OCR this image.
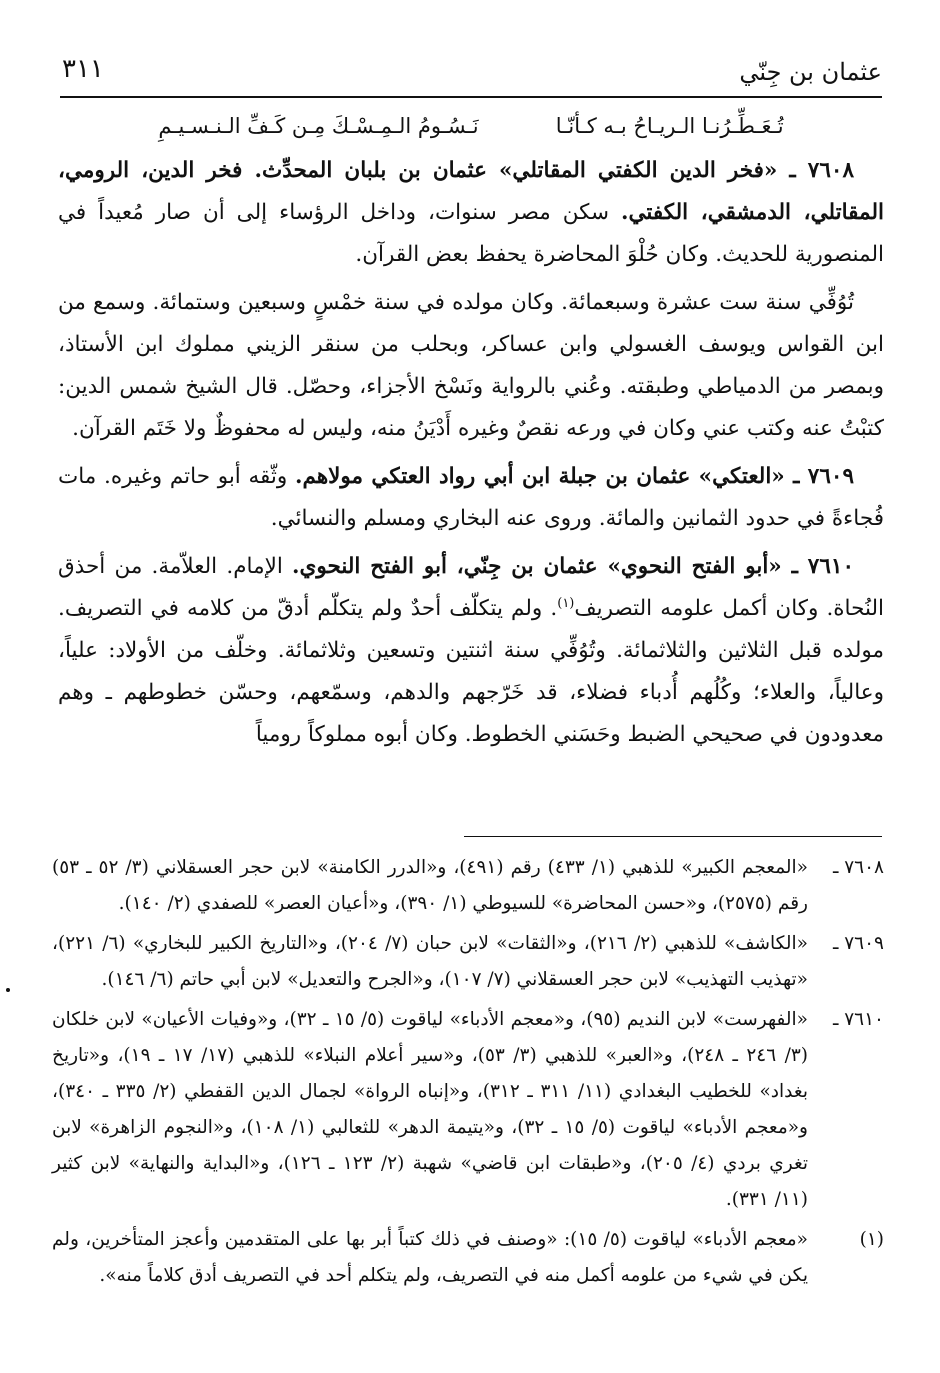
٣١١	عثمان بن جِنّي

تُـعَـطِّـرُنـا الـريـاحُ بـه كـأنّـا نَـسُـومُ الـمِـسْـكَ مِـن كَـفِّ الـنـسـيـمِ

٧٦٠٨ ـ «فخر الدين الكفتي المقاتلي» عثمان بن بلبان المحدِّث. فخر الدين، الرومي، المقاتلي، الدمشقي، الكفتي. سكن مصر سنوات، وداخل الرؤساء إلى أن صار مُعيداً في المنصورية للحديث. وكان حُلْوَ المحاضرة يحفظ بعض القرآن.

تُوُفِّي سنة ست عشرة وسبعمائة. وكان مولده في سنة خمْسٍ وسبعين وستمائة. وسمع من ابن القواس ويوسف الغسولي وابن عساكر، وبحلب من سنقر الزيني مملوك ابن الأستاذ، وبمصر من الدمياطي وطبقته. وعُني بالرواية ونَسْخ الأجزاء، وحصّل. قال الشيخ شمس الدين: كتبْتُ عنه وكتب عني وكان في ورعه نقصٌ وغيره أَدْيَنُ منه، وليس له محفوظٌ ولا خَتَم القرآن.

٧٦٠٩ ـ «العتكي» عثمان بن جبلة ابن أبي رواد العتكي مولاهم. وثّقه أبو حاتم وغيره. مات فُجاءةً في حدود الثمانين والمائة. وروى عنه البخاري ومسلم والنسائي.

٧٦١٠ ـ «أبو الفتح النحوي» عثمان بن جِنّي، أبو الفتح النحوي. الإمام. العلاّمة. من أحذق النُحاة. وكان أكمل علومه التصريف$^{(١)}$. ولم يتكلّف أحدٌ ولم يتكلّم أدقّ من كلامه في التصريف. مولده قبل الثلاثين والثلاثمائة. وتُوُفِّي سنة اثنتين وتسعين وثلاثمائة. وخلّف من الأولاد: علياً، وعالياً، والعلاء؛ وكُلُهم أُدباء فضلاء، قد خَرّجهم والدهم، وسمّعهم، وحسّن خطوطهم ـ وهم معدودون في صحيحي الضبط وحَسَني الخطوط. وكان أبوه مملوكاً رومياً

٧٦٠٨ ـ
«المعجم الكبير» للذهبي (١/ ٤٣٣) رقم (٤٩١)، و«الدرر الكامنة» لابن حجر العسقلاني (٣/ ٥٢ ـ ٥٣) رقم (٢٥٧٥)، و«حسن المحاضرة» للسيوطي (١/ ٣٩٠)، و«أعيان العصر» للصفدي (٢/ ١٤٠).

٧٦٠٩ ـ
«الكاشف» للذهبي (٢/ ٢١٦)، و«الثقات» لابن حبان (٧/ ٢٠٤)، و«التاريخ الكبير للبخاري» (٦/ ٢٢١)، «تهذيب التهذيب» لابن حجر العسقلاني (٧/ ١٠٧)، و«الجرح والتعديل» لابن أبي حاتم (٦/ ١٤٦).

٧٦١٠ ـ
«الفهرست» لابن النديم (٩٥)، و«معجم الأدباء» لياقوت (٥/ ١٥ ـ ٣٢)، و«وفيات الأعيان» لابن خلكان (٣/ ٢٤٦ ـ ٢٤٨)، و«العبر» للذهبي (٣/ ٥٣)، و«سير أعلام النبلاء» للذهبي (١٧/ ١٧ ـ ١٩)، و«تاريخ بغداد» للخطيب البغدادي (١١/ ٣١١ ـ ٣١٢)، و«إنباه الرواة» لجمال الدين القفطي (٢/ ٣٣٥ ـ ٣٤٠)، و«معجم الأدباء» لياقوت (٥/ ١٥ ـ ٣٢)، و«يتيمة الدهر» للثعالبي (١/ ١٠٨)، و«النجوم الزاهرة» لابن تغري بردي (٤/ ٢٠٥)، و«طبقات ابن قاضي» شهبة (٢/ ١٢٣ ـ ١٢٦)، و«البداية والنهاية» لابن كثير (١١/ ٣٣١).

(١)
«معجم الأدباء» لياقوت (٥/ ١٥): «وصنف في ذلك كتباً أبر بها على المتقدمين وأعجز المتأخرين، ولم يكن في شيء من علومه أكمل منه في التصريف، ولم يتكلم أحد في التصريف أدق كلاماً منه».
